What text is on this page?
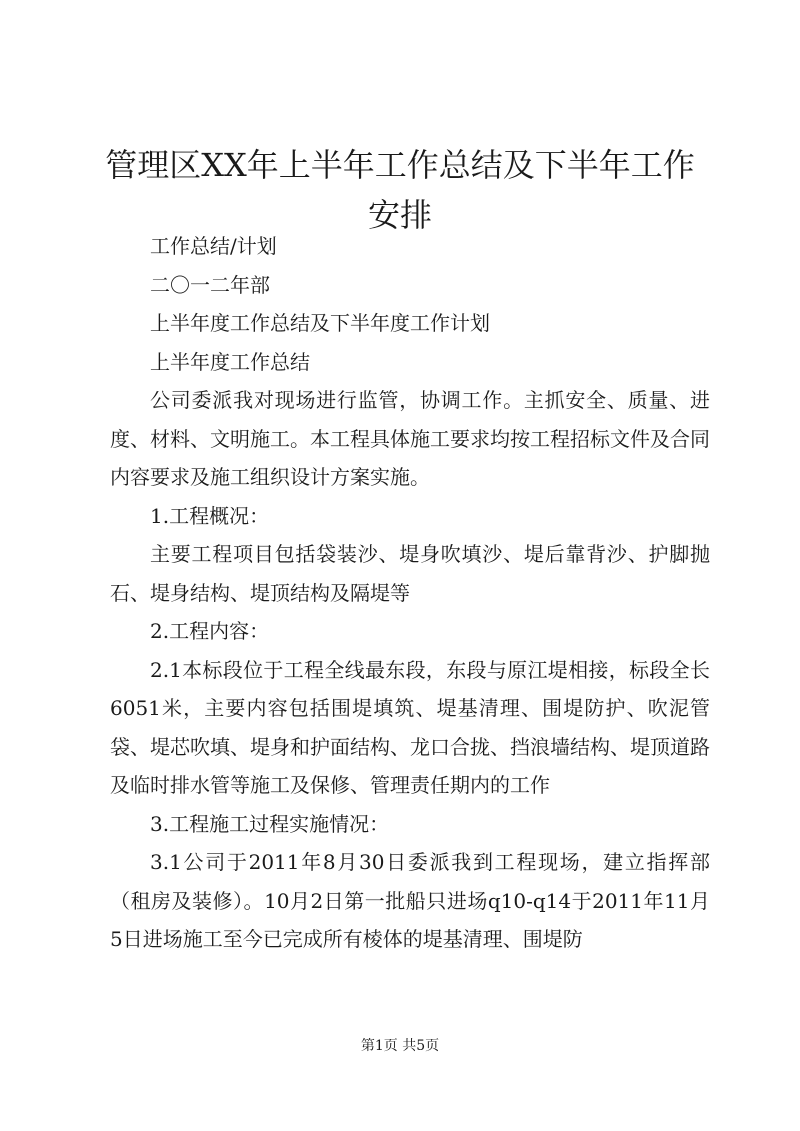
管理区XX年上半年工作总结及下半年工作安排

工作总结/计划

二〇一二年部

上半年度工作总结及下半年度工作计划

上半年度工作总结

公司委派我对现场进行监管，协调工作。主抓安全、质量、进度、材料、文明施工。本工程具体施工要求均按工程招标文件及合同内容要求及施工组织设计方案实施。

1.工程概况：

主要工程项目包括袋装沙、堤身吹填沙、堤后靠背沙、护脚抛石、堤身结构、堤顶结构及隔堤等

2.工程内容：

2.1本标段位于工程全线最东段，东段与原江堤相接，标段全长6051米，主要内容包括围堤填筑、堤基清理、围堤防护、吹泥管袋、堤芯吹填、堤身和护面结构、龙口合拢、挡浪墙结构、堤顶道路及临时排水管等施工及保修、管理责任期内的工作

3.工程施工过程实施情况：

3.1公司于2011年8月30日委派我到工程现场，建立指挥部（租房及装修）。10月2日第一批船只进场q10-q14于2011年11月5日进场施工至今已完成所有棱体的堤基清理、围堤防

第1页 共5页
